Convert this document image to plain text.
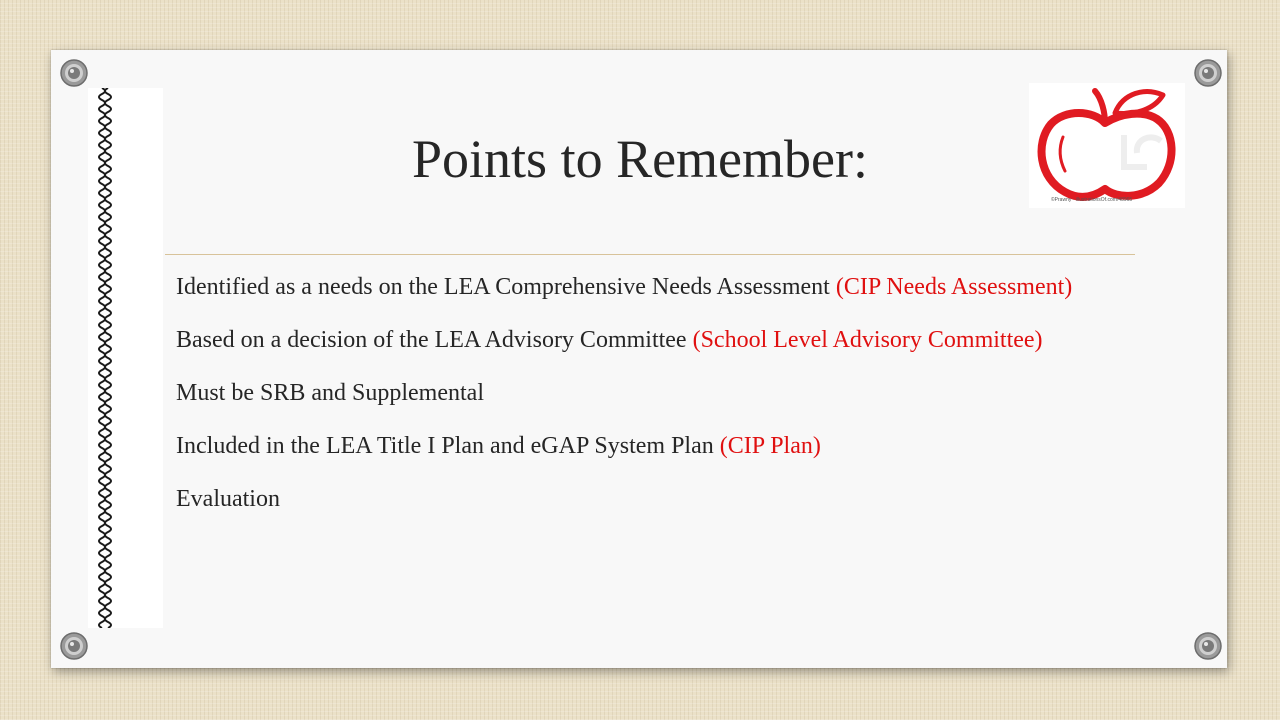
Points to Remember:
©Prawny · illustrationsOf.com/48965
Identified as a needs on the LEA Comprehensive Needs Assessment (CIP Needs Assessment)
Based on a decision of the LEA Advisory Committee (School Level Advisory Committee)
Must be SRB and Supplemental
Included in the LEA Title I Plan and eGAP System Plan (CIP Plan)
Evaluation
